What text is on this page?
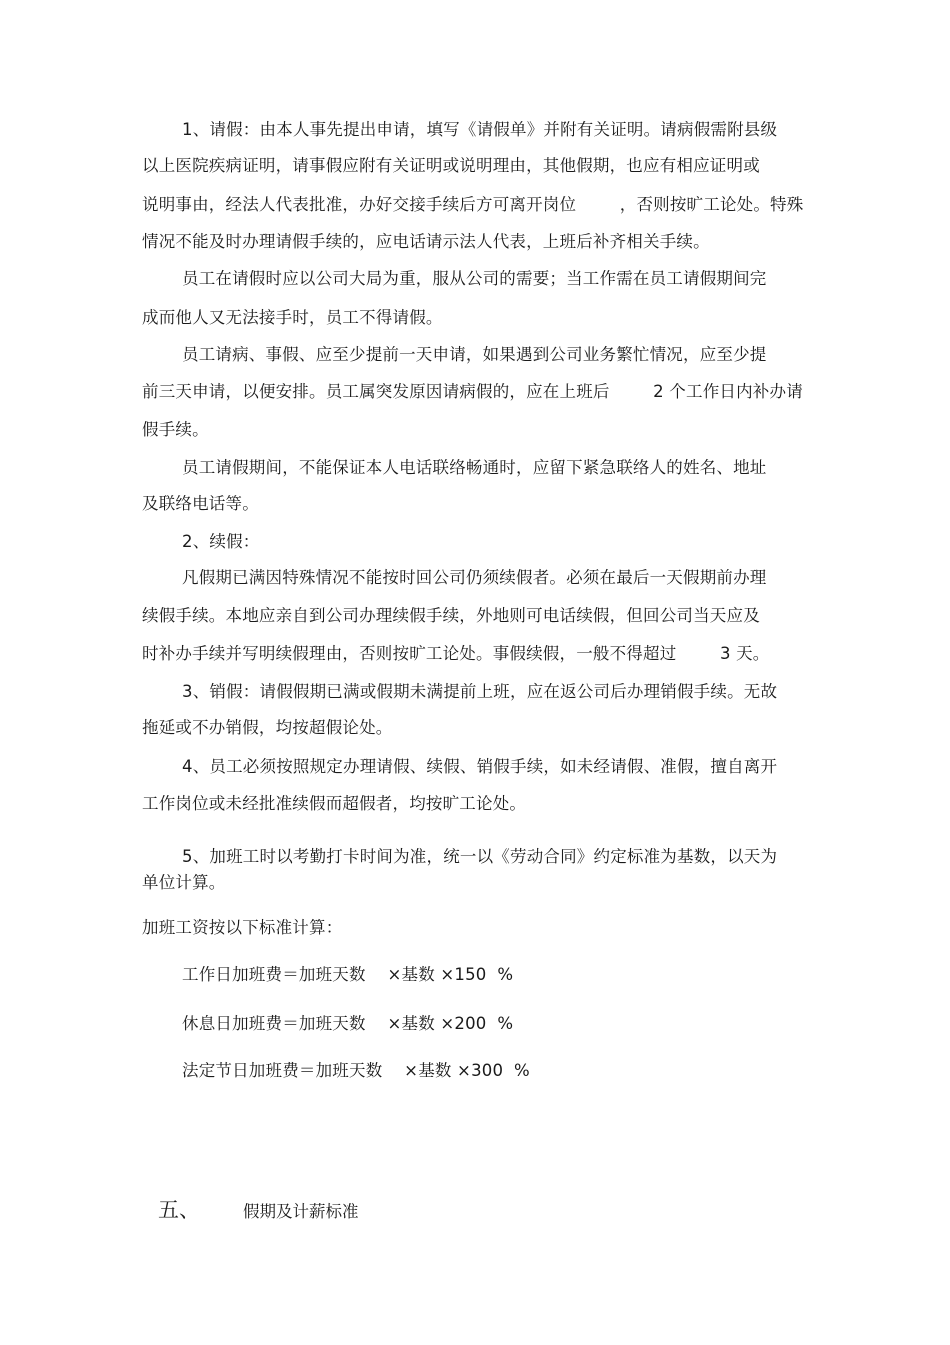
1、请假：由本人事先提出申请，填写《请假单》并附有关证明。请病假需附县级
以上医院疾病证明，请事假应附有关证明或说明理由，其他假期，也应有相应证明或
说明事由，经法人代表批准，办好交接手续后方可离开岗位        ，否则按旷工论处。特殊
情况不能及时办理请假手续的，应电话请示法人代表，上班后补齐相关手续。
员工在请假时应以公司大局为重，服从公司的需要；当工作需在员工请假期间完
成而他人又无法接手时，员工不得请假。
员工请病、事假、应至少提前一天申请，如果遇到公司业务繁忙情况，应至少提
前三天申请，以便安排。员工属突发原因请病假的，应在上班后        2 个工作日内补办请
假手续。
员工请假期间，不能保证本人电话联络畅通时，应留下紧急联络人的姓名、地址
及联络电话等。
2、续假：
凡假期已满因特殊情况不能按时回公司仍须续假者。必须在最后一天假期前办理
续假手续。本地应亲自到公司办理续假手续，外地则可电话续假，但回公司当天应及
时补办手续并写明续假理由，否则按旷工论处。事假续假，一般不得超过        3 天。
3、销假：请假假期已满或假期未满提前上班，应在返公司后办理销假手续。无故
拖延或不办销假，均按超假论处。
4、员工必须按照规定办理请假、续假、销假手续，如未经请假、准假，擅自离开
工作岗位或未经批准续假而超假者，均按旷工论处。
5、加班工时以考勤打卡时间为准，统一以《劳动合同》约定标准为基数，以天为
单位计算。
加班工资按以下标准计算：
工作日加班费＝加班天数    ×基数 ×150  %
休息日加班费＝加班天数    ×基数 ×200  %
法定节日加班费＝加班天数    ×基数 ×300  %
五、	假期及计薪标准
